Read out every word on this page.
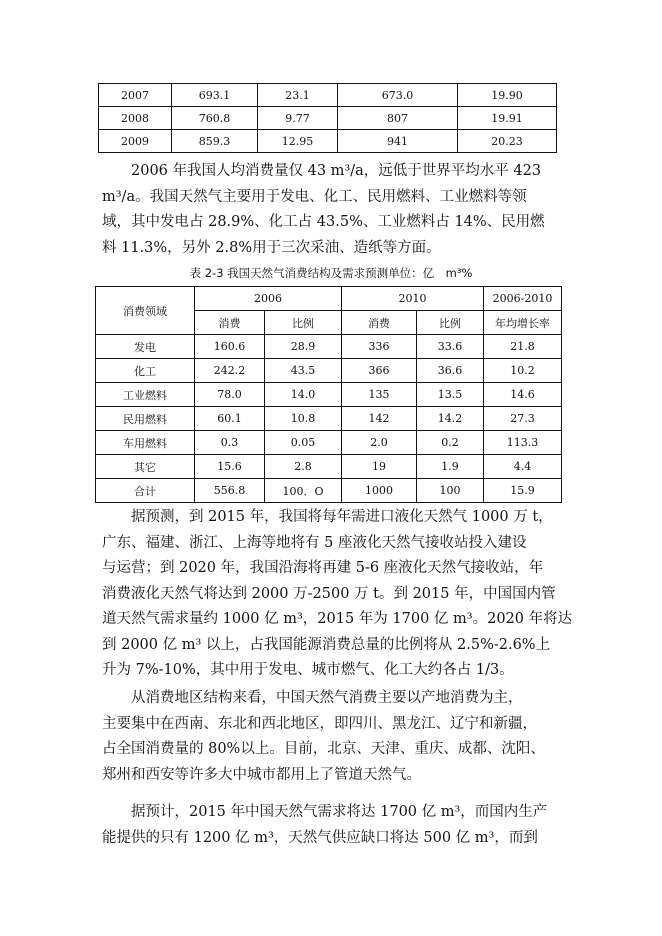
2007	693.1	23.1	673.0	19.90
2008	760.8	9.77	807	19.91
2009	859.3	12.95	941	20.23
2006 年我国人均消费量仅 43 m³/a，远低于世界平均水平 423
m³/a。我国天然气主要用于发电、化工、民用燃料、工业燃料等领
域，其中发电占 28.9%、化工占 43.5%、工业燃料占 14%、民用燃
料 11.3%，另外 2.8%用于三次采油、造纸等方面。
表 2-3 我国天然气消费结构及需求预测单位：亿　m³%
消费领域	2006		2010		2006-2010
	消费	比例	消费	比例	年均增长率
发电	160.6	28.9	336	33.6	21.8
化工	242.2	43.5	366	36.6	10.2
工业燃料	78.0	14.0	135	13.5	14.6
民用燃料	60.1	10.8	142	14.2	27.3
车用燃料	0.3	0.05	2.0	0.2	113.3
其它	15.6	2.8	19	1.9	4.4
合计	556.8	100．O	1000	100	15.9
据预测，到 2015 年，我国将每年需进口液化天然气 1000 万 t，
广东、福建、浙江、上海等地将有 5 座液化天然气接收站投入建设
与运营；到 2020 年，我国沿海将再建 5-6 座液化天然气接收站，年
消费液化天然气将达到 2000 万-2500 万 t。到 2015 年，中国国内管
道天然气需求量约 1000 亿 m³，2015 年为 1700 亿 m³。2020 年将达
到 2000 亿 m³ 以上，占我国能源消费总量的比例将从 2.5%-2.6%上
升为 7%-10%，其中用于发电、城市燃气、化工大约各占 1/3。
从消费地区结构来看，中国天然气消费主要以产地消费为主，
主要集中在西南、东北和西北地区，即四川、黑龙江、辽宁和新疆，
占全国消费量的 80%以上。目前，北京、天津、重庆、成都、沈阳、
郑州和西安等许多大中城市都用上了管道天然气。
据预计，2015 年中国天然气需求将达 1700 亿 m³，而国内生产
能提供的只有 1200 亿 m³，天然气供应缺口将达 500 亿 m³，而到
